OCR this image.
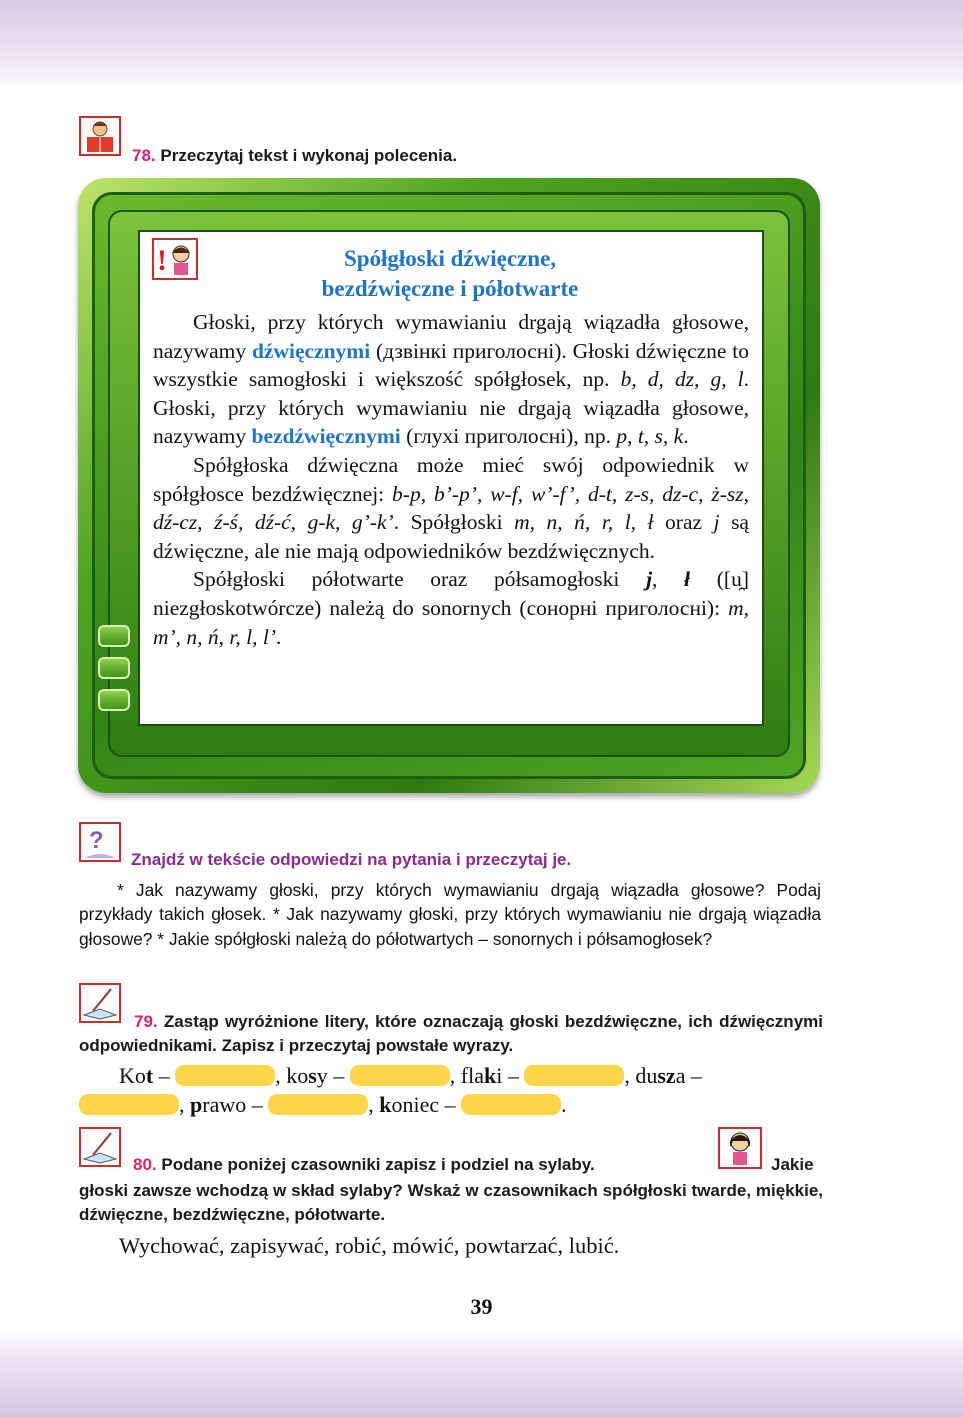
78. Przeczytaj tekst i wykonaj polecenia.
!	Spółgłoski dźwięczne,
bezdźwięczne i półotwarte

Głoski, przy których wymawianiu drgają wiązadła głosowe, nazywamy dźwięcznymi (дзвінкі приголосні). Głoski dźwięczne to wszystkie samogłoski i większość spółgłosek, np. b, d, dz, g, l. Głoski, przy których wymawianiu nie drgają wiązadła głosowe, nazywamy bezdźwięcznymi (глухі приголосні), np. p, t, s, k.

Spółgłoska dźwięczna może mieć swój odpowiednik w spółgłosce bezdźwięcznej: b-p, b’-p’, w-f, w’-f’, d-t, z-s, dz-c, ż-sz, dź-cz, ź-ś, dź-ć, g-k, g’-k’. Spółgłoski m, n, ń, r, l, ł oraz j są dźwięczne, ale nie mają odpowiedników bezdźwięcznych.

Spółgłoski półotwarte oraz półsamogłoski j, ł ([u̯] niezgłoskotwórcze) należą do sonornych (сонорні приголосні): m, m’, n, ń, r, l, l’.

?
Znajdź w tekście odpowiedzi na pytania i przeczytaj je.
* Jak nazywamy głoski, przy których wymawianiu drgają wiązadła głosowe? Podaj przykłady takich głosek. * Jak nazywamy głoski, przy których wymawianiu nie drgają wiązadła głosowe? * Jakie spółgłoski należą do półotwartych – sonornych i półsamogłosek?
79. Zastąp wyróżnione litery, które oznaczają głoski bezdźwięczne, ich dźwięcznymi odpowiednikami. Zapisz i przeczytaj powstałe wyrazy.
Kot –	, kosy –	, flaki –	, dusza –
, prawo –	, koniec –	.
80. Podane poniżej czasowniki zapisz i podziel na sylaby.	Jakie
głoski zawsze wchodzą w skład sylaby? Wskaż w czasownikach spółgłoski twarde, miękkie, dźwięczne, bezdźwięczne, półotwarte.
Wychować, zapisywać, robić, mówić, powtarzać, lubić.
39
